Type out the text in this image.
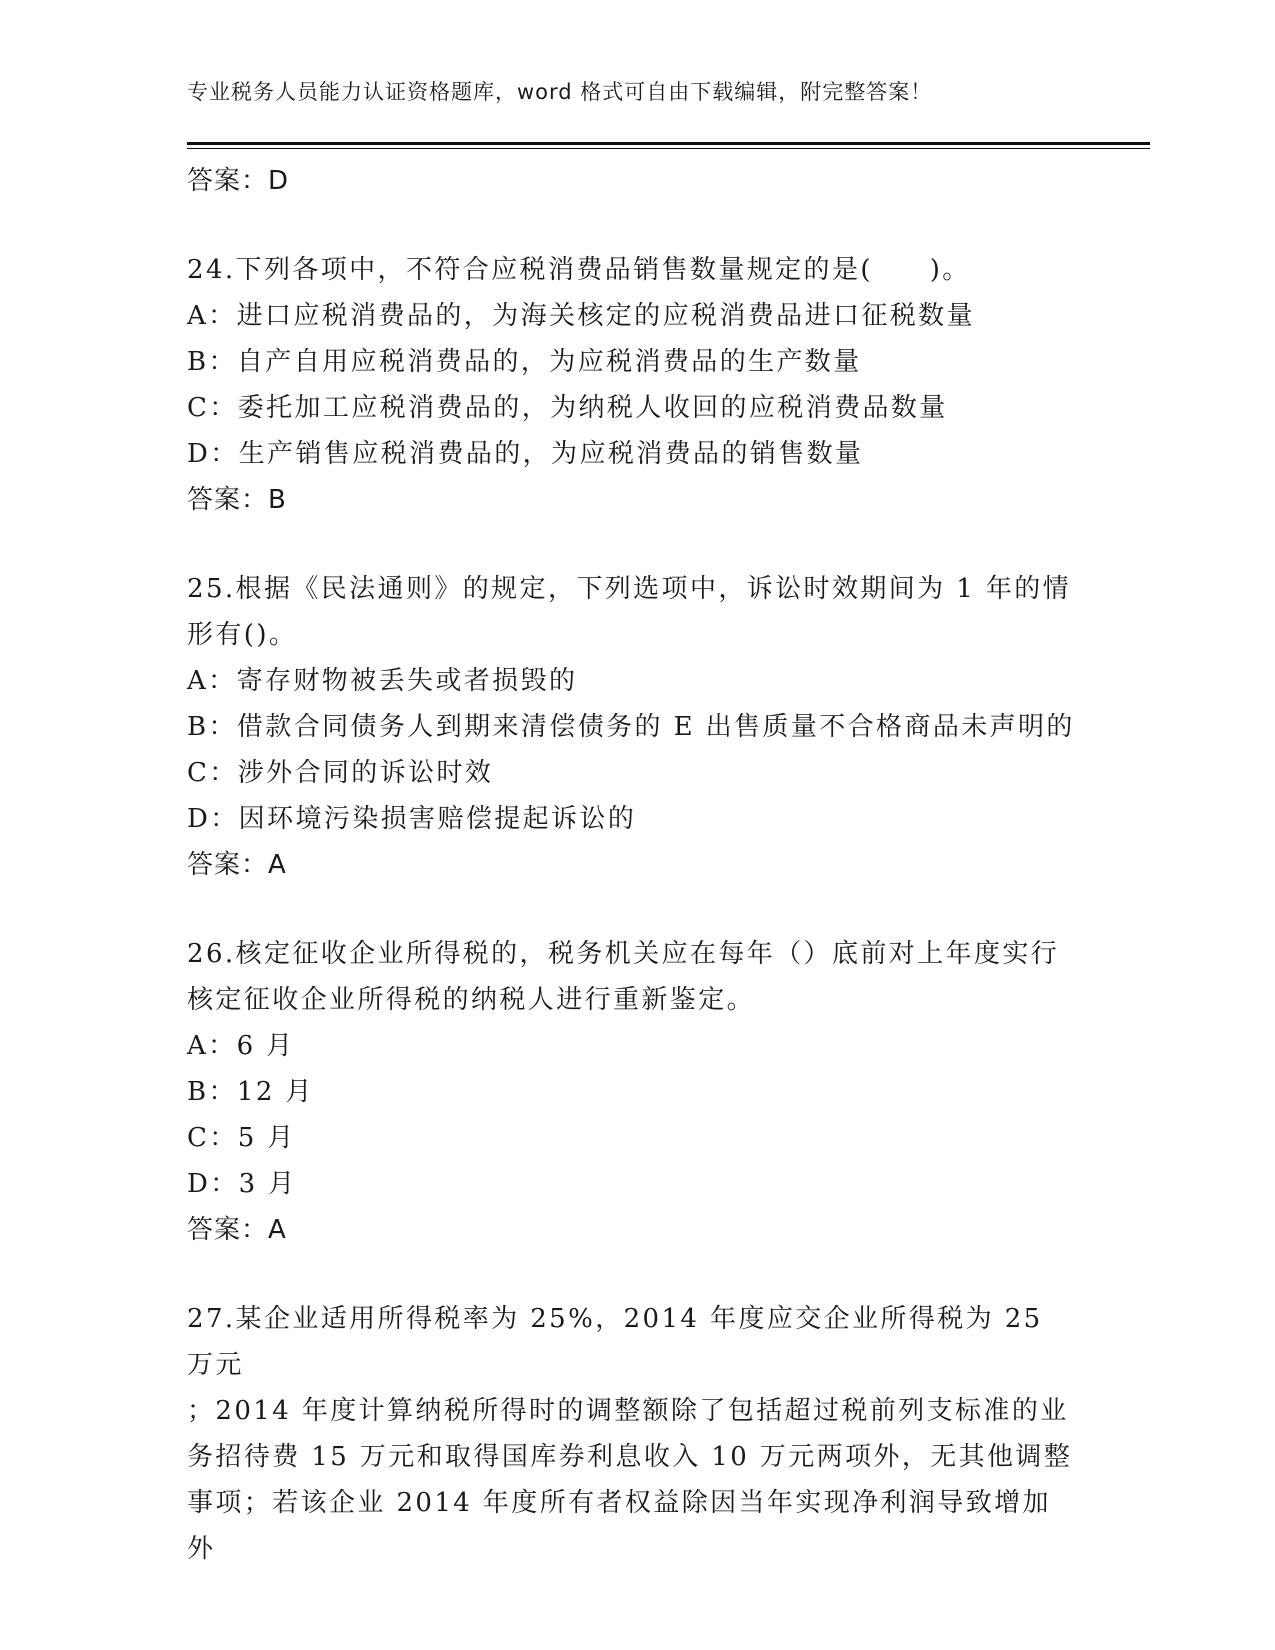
专业税务人员能力认证资格题库，word 格式可自由下载编辑，附完整答案！

答案：D

24.下列各项中，不符合应税消费品销售数量规定的是(　　)。

A：进口应税消费品的，为海关核定的应税消费品进口征税数量

B：自产自用应税消费品的，为应税消费品的生产数量

C：委托加工应税消费品的，为纳税人收回的应税消费品数量

D：生产销售应税消费品的，为应税消费品的销售数量

答案：B

25.根据《民法通则》的规定，下列选项中，诉讼时效期间为 1 年的情

形有()。

A：寄存财物被丢失或者损毁的

B：借款合同债务人到期来清偿债务的 E 出售质量不合格商品未声明的

C：涉外合同的诉讼时效

D：因环境污染损害赔偿提起诉讼的

答案：A

26.核定征收企业所得税的，税务机关应在每年（）底前对上年度实行

核定征收企业所得税的纳税人进行重新鉴定。

A：6 月

B：12 月

C：5 月

D：3 月

答案：A

27.某企业适用所得税率为 25%，2014 年度应交企业所得税为 25 万元

；2014 年度计算纳税所得时的调整额除了包括超过税前列支标准的业

务招待费 15 万元和取得国库券利息收入 10 万元两项外，无其他调整

事项；若该企业 2014 年度所有者权益除因当年实现净利润导致增加外
